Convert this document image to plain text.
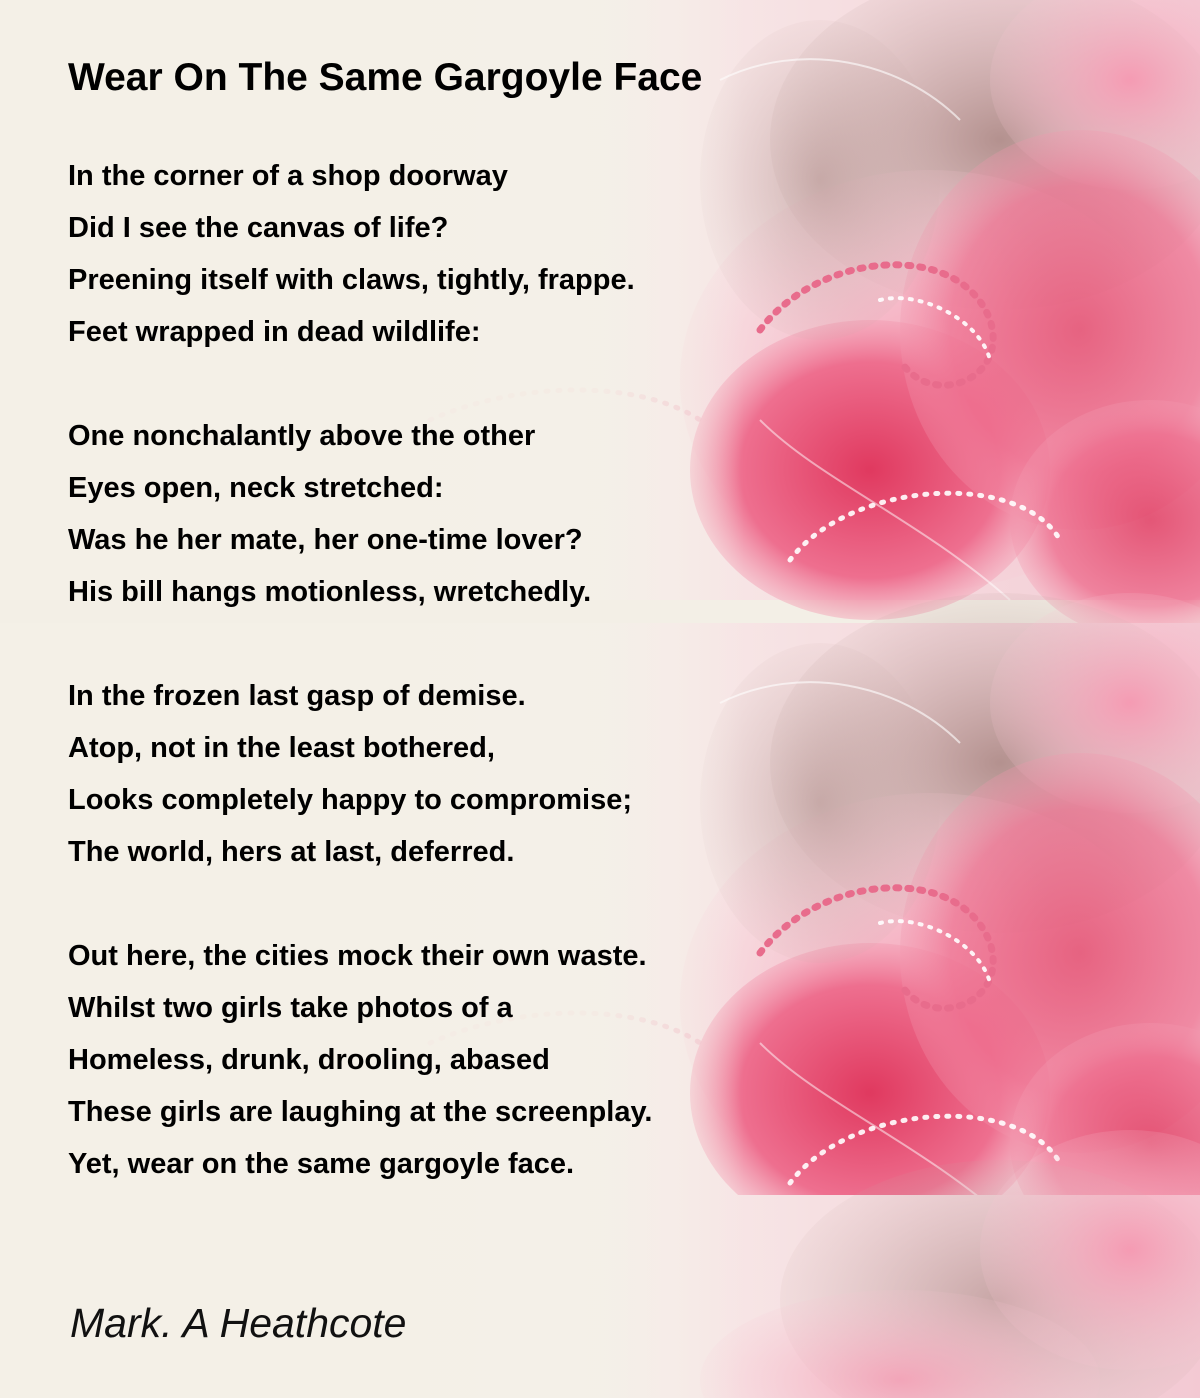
Wear On The Same Gargoyle Face
In the corner of a shop doorway
Did I see the canvas of life?
Preening itself with claws, tightly, frappe.
Feet wrapped in dead wildlife:
One nonchalantly above the other
Eyes open, neck stretched:
Was he her mate, her one-time lover?
His bill hangs motionless, wretchedly.
In the frozen last gasp of demise.
Atop, not in the least bothered,
Looks completely happy to compromise;
The world, hers at last, deferred.
Out here, the cities mock their own waste.
Whilst two girls take photos of a
Homeless, drunk, drooling, abased
These girls are laughing at the screenplay.
Yet, wear on the same gargoyle face.

Mark. A Heathcote
